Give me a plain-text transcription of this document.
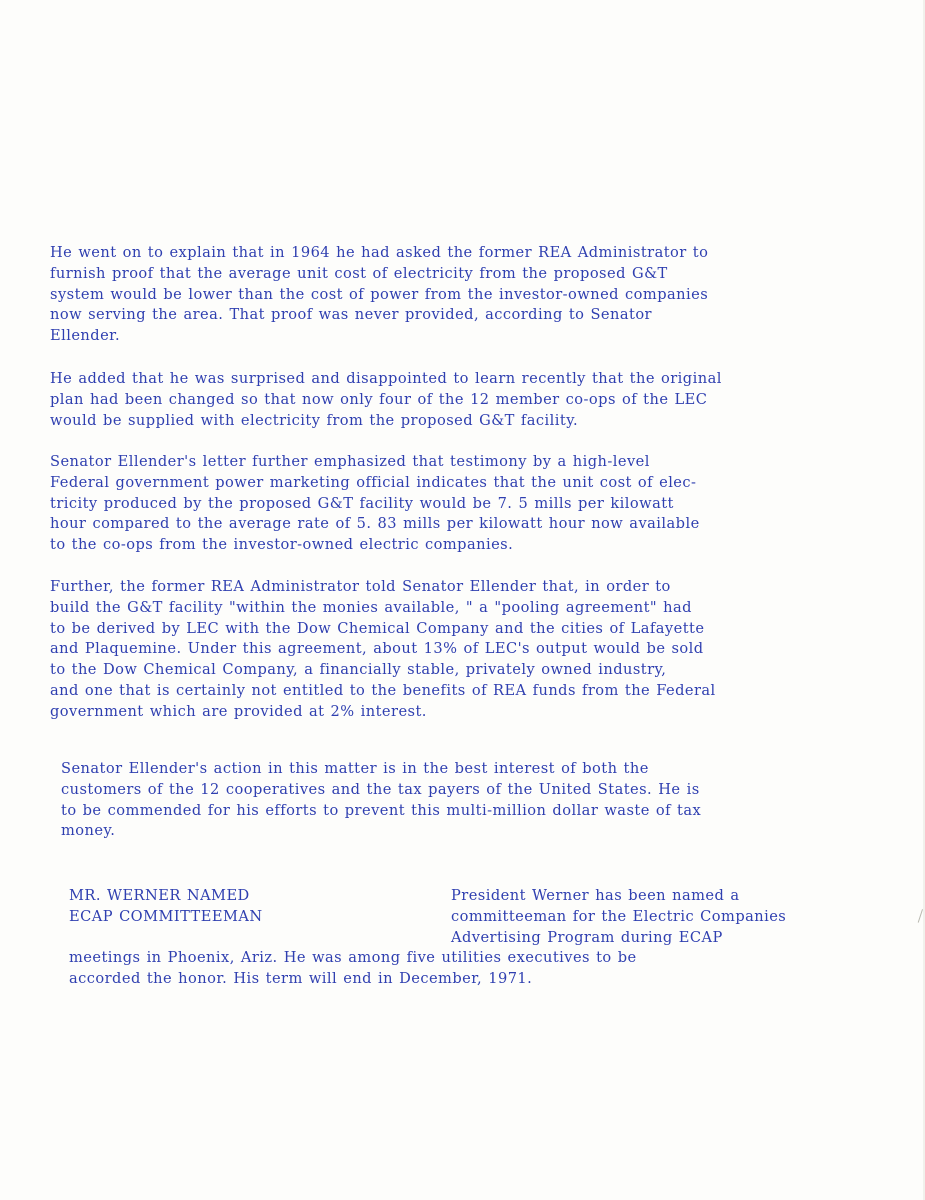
He went on to explain that in 1964 he had asked the former REA Administrator to
furnish proof that the average unit cost of electricity from the proposed G&T
system would be lower than the cost of power from the investor-owned companies
now serving the area. That proof was never provided, according to Senator
Ellender.

He added that he was surprised and disappointed to learn recently that the original
plan had been changed so that now only four of the 12 member co-ops of the LEC
would be supplied with electricity from the proposed G&T facility.

Senator Ellender's letter further emphasized that testimony by a high-level
Federal government power marketing official indicates that the unit cost of elec-
tricity produced by the proposed G&T facility would be 7. 5 mills per kilowatt
hour compared to the average rate of 5. 83 mills per kilowatt hour now available
to the co-ops from the investor-owned electric companies.

Further, the former REA Administrator told Senator Ellender that, in order to
build the G&T facility "within the monies available, " a "pooling agreement" had
to be derived by LEC with the Dow Chemical Company and the cities of Lafayette
and Plaquemine. Under this agreement, about 13% of LEC's output would be sold
to the Dow Chemical Company, a financially stable, privately owned industry,
and one that is certainly not entitled to the benefits of REA funds from the Federal
government which are provided at 2% interest.

Senator Ellender's action in this matter is in the best interest of both the
customers of the 12 cooperatives and the tax payers of the United States. He is
to be commended for his efforts to prevent this multi-million dollar waste of tax
money.

MR. WERNER NAMED
ECAP COMMITTEEMAN

President Werner has been named a
committeeman for the Electric Companies
Advertising Program during ECAP

meetings in Phoenix, Ariz. He was among five utilities executives to be
accorded the honor. His term will end in December, 1971.
